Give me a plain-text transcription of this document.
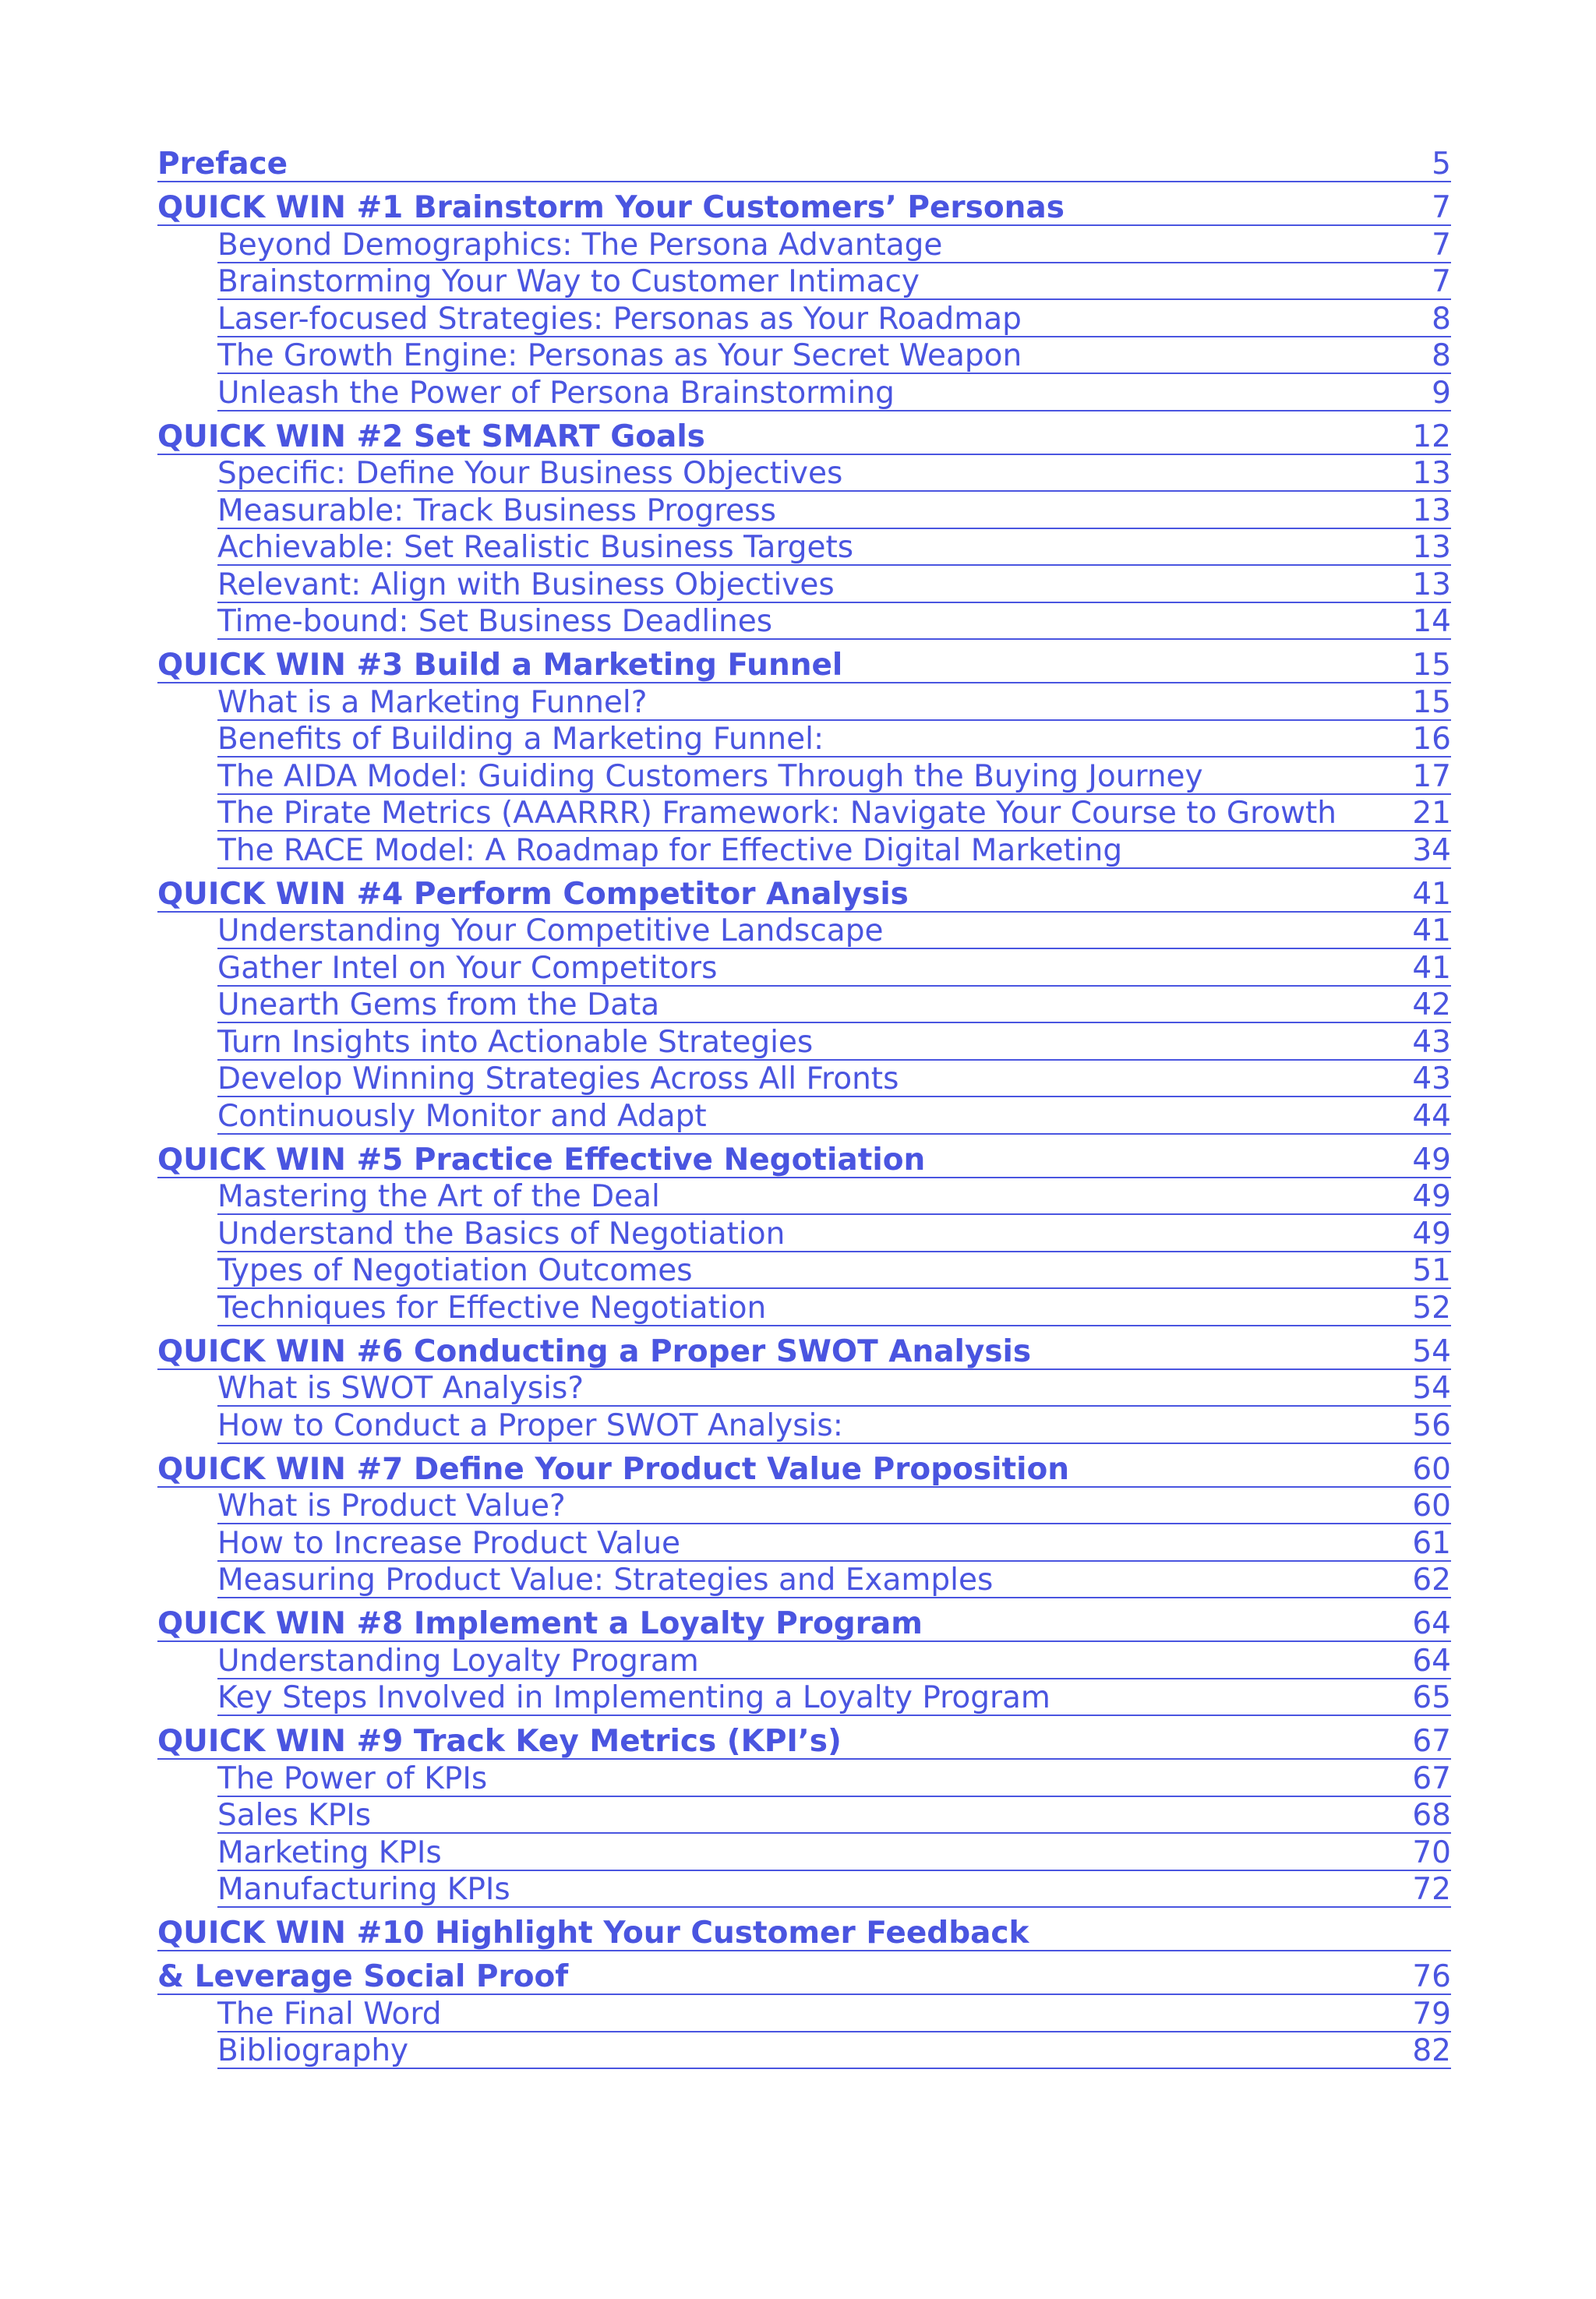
Preface	5
QUICK WIN #1 Brainstorm Your Customers’ Personas	7
Beyond Demographics: The Persona Advantage	7
Brainstorming Your Way to Customer Intimacy	7
Laser-focused Strategies: Personas as Your Roadmap	8
The Growth Engine: Personas as Your Secret Weapon	8
Unleash the Power of Persona Brainstorming	9
QUICK WIN #2 Set SMART Goals	12
Specific: Define Your Business Objectives	13
Measurable: Track Business Progress	13
Achievable: Set Realistic Business Targets	13
Relevant: Align with Business Objectives	13
Time-bound: Set Business Deadlines	14
QUICK WIN #3 Build a Marketing Funnel	15
What is a Marketing Funnel?	15
Benefits of Building a Marketing Funnel:	16
The AIDA Model: Guiding Customers Through the Buying Journey	17
The Pirate Metrics (AAARRR) Framework: Navigate Your Course to Growth 21
The RACE Model: A Roadmap for Effective Digital Marketing	34
QUICK WIN #4 Perform Competitor Analysis	41
Understanding Your Competitive Landscape	41
Gather Intel on Your Competitors	41
Unearth Gems from the Data	42
Turn Insights into Actionable Strategies	43
Develop Winning Strategies Across All Fronts	43
Continuously Monitor and Adapt	44
QUICK WIN #5 Practice Effective Negotiation	49
Mastering the Art of the Deal	49
Understand the Basics of Negotiation	49
Types of Negotiation Outcomes	51
Techniques for Effective Negotiation	52
QUICK WIN #6 Conducting a Proper SWOT Analysis	54
What is SWOT Analysis?	54
How to Conduct a Proper SWOT Analysis:	56
QUICK WIN #7 Define Your Product Value Proposition	60
What is Product Value?	60
How to Increase Product Value	61
Measuring Product Value: Strategies and Examples	62
QUICK WIN #8 Implement a Loyalty Program	64
Understanding Loyalty Program	64
Key Steps Involved in Implementing a Loyalty Program	65
QUICK WIN #9 Track Key Metrics (KPI’s)	67
The Power of KPIs	67
Sales KPIs	68
Marketing KPIs	70
Manufacturing KPIs	72
QUICK WIN #10 Highlight Your Customer Feedback
& Leverage Social Proof	76
The Final Word	79
Bibliography	82
